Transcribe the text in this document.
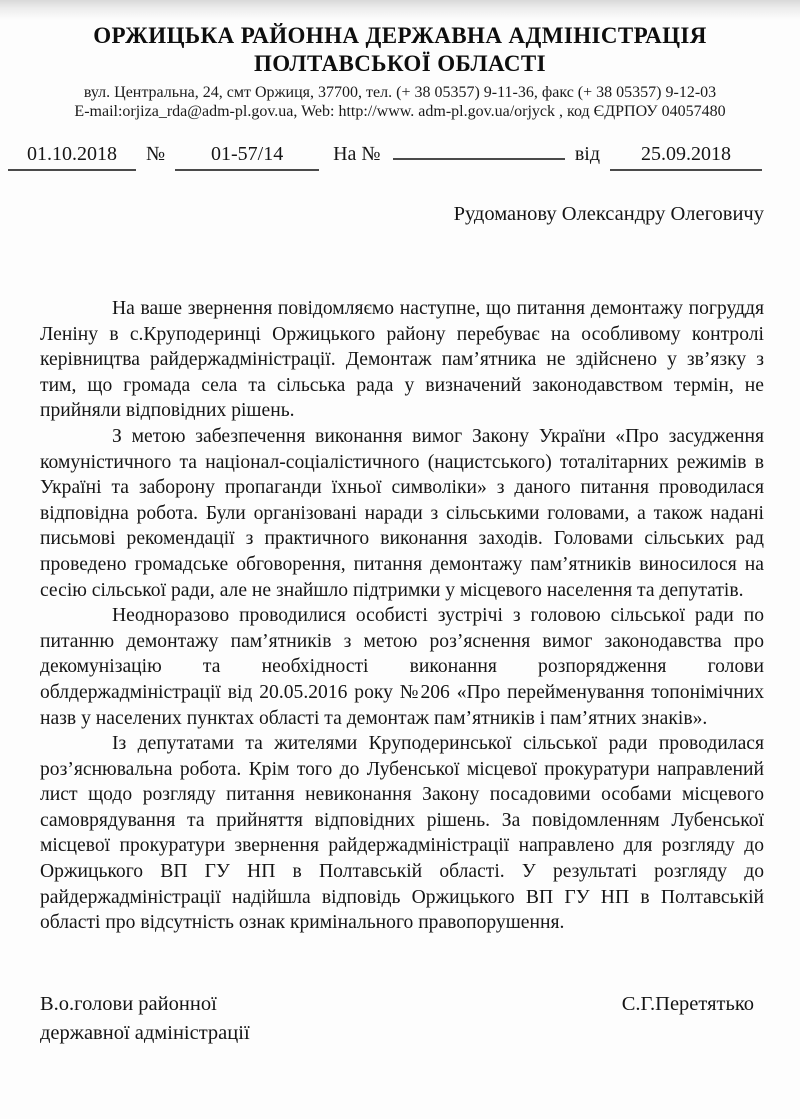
ОРЖИЦЬКА РАЙОННА ДЕРЖАВНА АДМІНІСТРАЦІЯ
ПОЛТАВСЬКОЇ ОБЛАСТІ
вул. Центральна, 24, смт Оржиця, 37700, тел. (+ 38 05357) 9-11-36, факс (+ 38 05357) 9-12-03
E-mail:orjiza_rda@adm-pl.gov.ua, Web: http://www. adm-pl.gov.ua/orjyck , код ЄДРПОУ 04057480
01.10.2018	№	01-57/14	На №	від	25.09.2018
Рудоманову Олександру Олеговичу

На ваше звернення повідомляємо наступне, що питання демонтажу погруддя Леніну в с.Круподеринці Оржицького району перебуває на особливому контролі керівництва райдержадміністрації. Демонтаж пам’ятника не здійснено у зв’язку з тим, що громада села та сільська рада у визначений законодавством термін, не прийняли відповідних рішень.

З метою забезпечення виконання вимог Закону України «Про засудження комуністичного та націонал-соціалістичного (нацистського) тоталітарних режимів в Україні та заборону пропаганди їхньої символіки» з даного питання проводилася відповідна робота. Були організовані наради з сільськими головами, а також надані письмові рекомендації з практичного виконання заходів. Головами сільських рад проведено громадське обговорення, питання демонтажу пам’ятників виносилося на сесію сільської ради, але не знайшло підтримки у місцевого населення та депутатів.

Неодноразово проводилися особисті зустрічі з головою сільської ради по питанню демонтажу пам’ятників з метою роз’яснення вимог законодавства про декомунізацію та необхідності виконання розпорядження голови облдержадміністрації від 20.05.2016 року №206 «Про перейменування топонімічних назв у населених пунктах області та демонтаж пам’ятників і пам’ятних знаків».

Із депутатами та жителями Круподеринської сільської ради проводилася роз’яснювальна робота. Крім того до Лубенської місцевої прокуратури направлений лист щодо розгляду питання невиконання Закону посадовими особами місцевого самоврядування та прийняття відповідних рішень. За повідомленням Лубенської місцевої прокуратури звернення райдержадміністрації направлено для розгляду до Оржицького ВП ГУ НП в Полтавській області. У результаті розгляду до райдержадміністрації надійшла відповідь Оржицького ВП ГУ НП в Полтавській області про відсутність ознак кримінального правопорушення.

В.о.голови районної
державної адміністрації
С.Г.Перетятько
